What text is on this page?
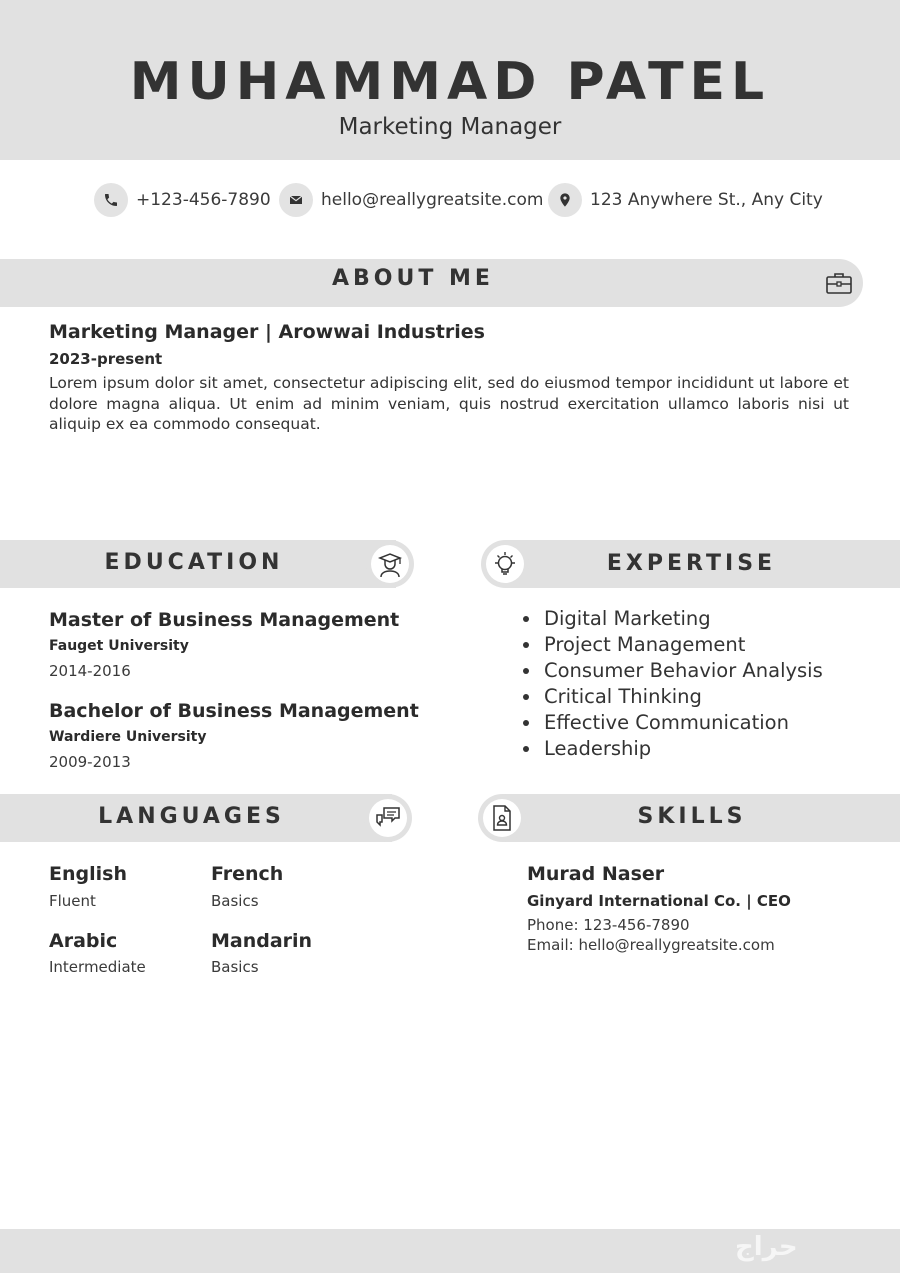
MUHAMMAD PATEL
Marketing Manager
+123-456-7890	hello@reallygreatsite.com	123 Anywhere St., Any City
ABOUT ME
Marketing Manager | Arowwai Industries
2023-present
Lorem ipsum dolor sit amet, consectetur adipiscing elit, sed do eiusmod tempor incididunt ut labore et dolore magna aliqua. Ut enim ad minim veniam, quis nostrud exercitation ullamco laboris nisi ut aliquip ex ea commodo consequat.
EDUCATION
Master of Business Management
Fauget University
2014-2016
Bachelor of Business Management
Wardiere University
2009-2013
EXPERTISE
• Digital Marketing
• Project Management
• Consumer Behavior Analysis
• Critical Thinking
• Effective Communication
• Leadership
LANGUAGES
English
Fluent
French
Basics
Arabic
Intermediate
Mandarin
Basics
SKILLS
Murad Naser
Ginyard International Co. | CEO
Phone: 123-456-7890
Email: hello@reallygreatsite.com
حراج
